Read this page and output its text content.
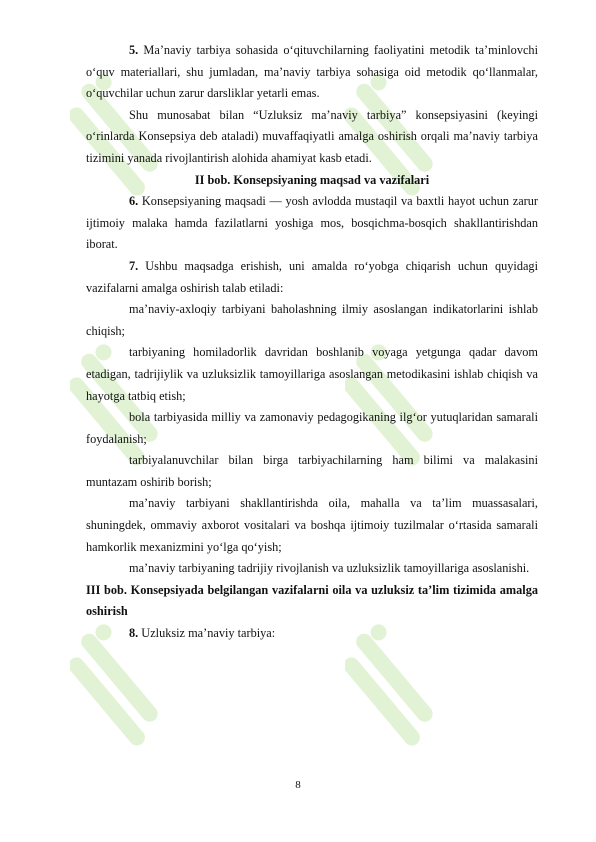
5. Ma’naviy tarbiya sohasida o‘qituvchilarning faoliyatini metodik ta’minlovchi o‘quv materiallari, shu jumladan, ma’naviy tarbiya sohasiga oid metodik qo‘llanmalar, o‘quvchilar uchun zarur darsliklar yetarli emas.

Shu munosabat bilan “Uzluksiz ma’naviy tarbiya” konsepsiyasini (keyingi o‘rinlarda Konsepsiya deb ataladi) muvaffaqiyatli amalga oshirish orqali ma’naviy tarbiya tizimini yanada rivojlantirish alohida ahamiyat kasb etadi.

II bob. Konsepsiyaning maqsad va vazifalari

6. Konsepsiyaning maqsadi — yosh avlodda mustaqil va baxtli hayot uchun zarur ijtimoiy malaka hamda fazilatlarni yoshiga mos, bosqichma-bosqich shakllantirishdan iborat.

7. Ushbu maqsadga erishish, uni amalda ro‘yobga chiqarish uchun quyidagi vazifalarni amalga oshirish talab etiladi:

ma’naviy-axloqiy tarbiyani baholashning ilmiy asoslangan indikatorlarini ishlab chiqish;

tarbiyaning homiladorlik davridan boshlanib voyaga yetgunga qadar davom etadigan, tadrijiylik va uzluksizlik tamoyillariga asoslangan metodikasini ishlab chiqish va hayotga tatbiq etish;

bola tarbiyasida milliy va zamonaviy pedagogikaning ilg‘or yutuqlaridan samarali foydalanish;

tarbiyalanuvchilar bilan birga tarbiyachilarning ham bilimi va malakasini muntazam oshirib borish;

ma’naviy tarbiyani shakllantirishda oila, mahalla va ta’lim muassasalari, shuningdek, ommaviy axborot vositalari va boshqa ijtimoiy tuzilmalar o‘rtasida samarali hamkorlik mexanizmini yo‘lga qo‘yish;

ma’naviy tarbiyaning tadrijiy rivojlanish va uzluksizlik tamoyillariga asoslanishi.

III bob. Konsepsiyada belgilangan vazifalarni oila va uzluksiz ta’lim tizimida amalga oshirish

8. Uzluksiz ma’naviy tarbiya:

8
